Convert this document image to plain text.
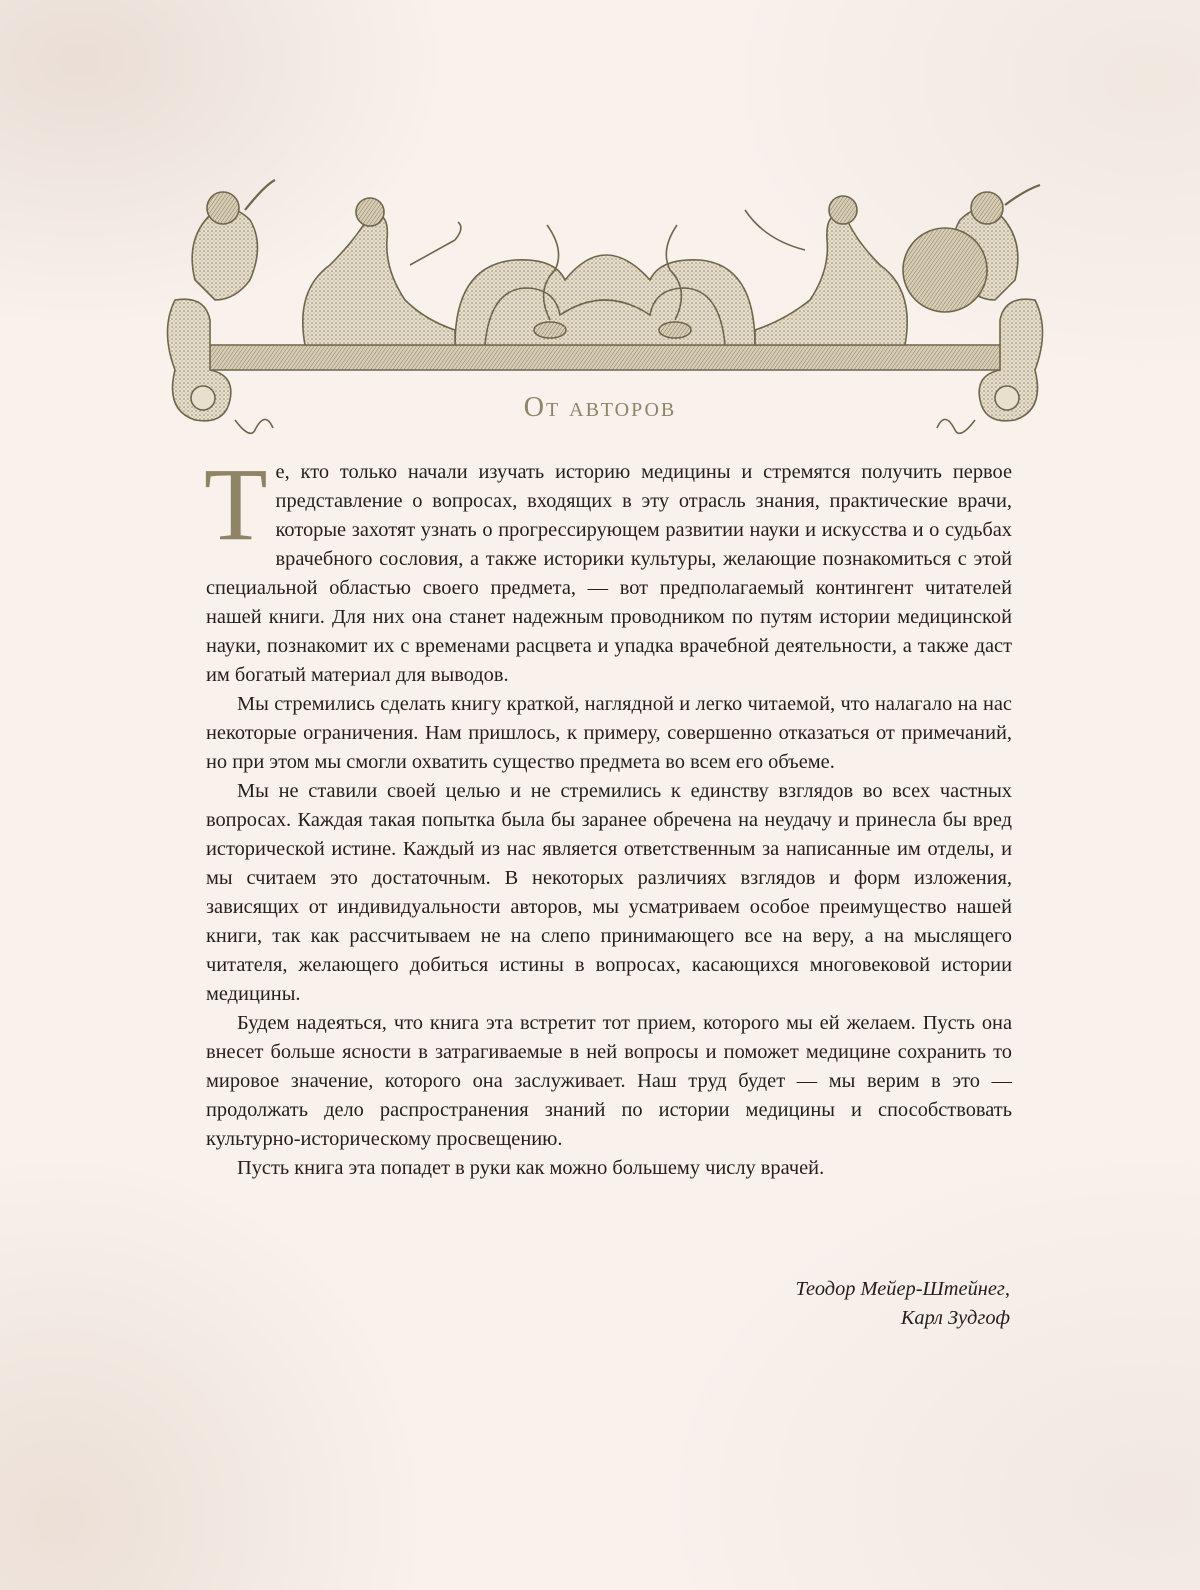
От авторов

Те, кто только начали изучать историю медицины и стремятся получить первое представление о вопросах, входящих в эту отрасль знания, практические врачи, которые захотят узнать о прогрессирующем развитии науки и искусства и о судьбах врачебного сословия, а также историки культуры, желающие познакомиться с этой специальной областью своего предмета, — вот предполагаемый контингент читателей нашей книги. Для них она станет надежным проводником по путям истории медицинской науки, познакомит их с временами расцвета и упадка врачебной деятельности, а также даст им богатый материал для выводов.

Мы стремились сделать книгу краткой, наглядной и легко читаемой, что налагало на нас некоторые ограничения. Нам пришлось, к примеру, совершенно отказаться от примечаний, но при этом мы смогли охватить существо предмета во всем его объеме.

Мы не ставили своей целью и не стремились к единству взглядов во всех частных вопросах. Каждая такая попытка была бы заранее обречена на неудачу и принесла бы вред исторической истине. Каждый из нас является ответственным за написанные им отделы, и мы считаем это достаточным. В некоторых различиях взглядов и форм изложения, зависящих от индивидуальности авторов, мы усматриваем особое преимущество нашей книги, так как рассчитываем не на слепо принимающего все на веру, а на мыслящего читателя, желающего добиться истины в вопросах, касающихся многовековой истории медицины.

Будем надеяться, что книга эта встретит тот прием, которого мы ей желаем. Пусть она внесет больше ясности в затрагиваемые в ней вопросы и поможет медицине сохранить то мировое значение, которого она заслуживает. Наш труд будет — мы верим в это — продолжать дело распространения знаний по истории медицины и способствовать культурно-историческому просвещению.

Пусть книга эта попадет в руки как можно большему числу врачей.

Теодор Мейер-Штейнег,
Карл Зудгоф
